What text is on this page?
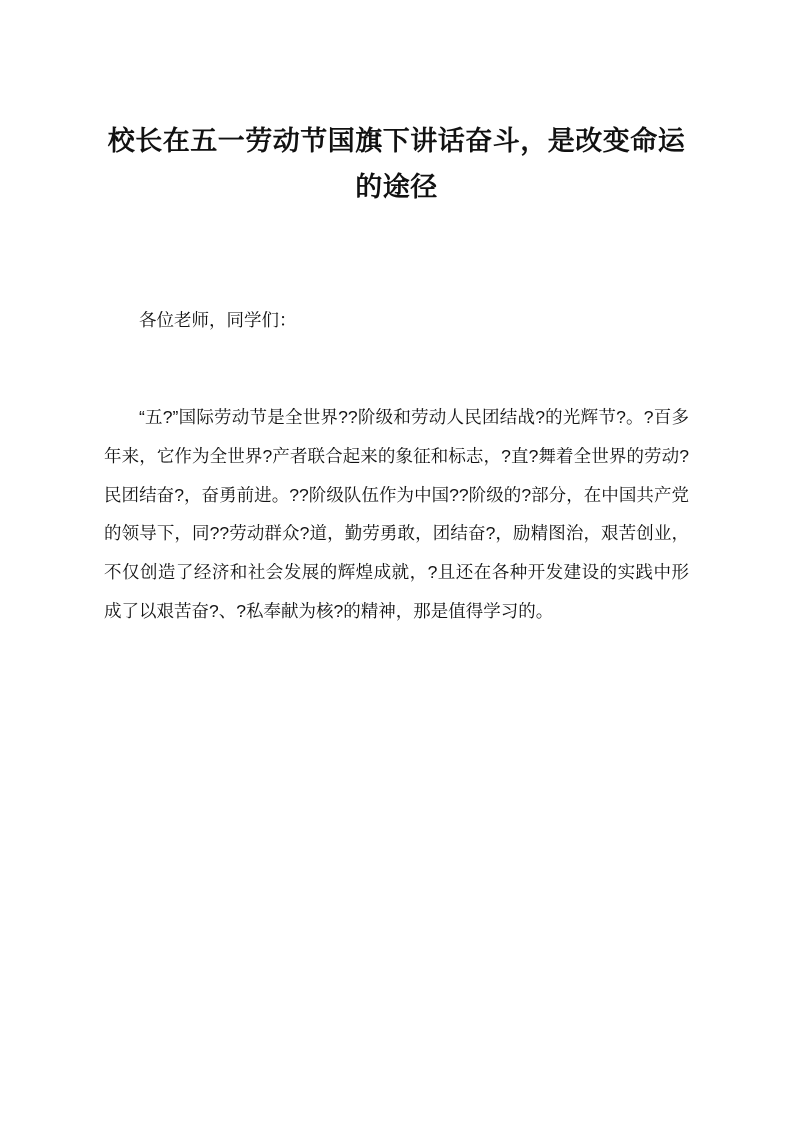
校长在五一劳动节国旗下讲话奋斗，是改变命运的途径

各位老师，同学们：

“五?”国际劳动节是全世界??阶级和劳动人民团结战?的光辉节?。?百多年来，它作为全世界?产者联合起来的象征和标志，?直?舞着全世界的劳动?民团结奋?，奋勇前进。??阶级队伍作为中国??阶级的?部分，在中国共产党的领导下，同??劳动群众?道，勤劳勇敢，团结奋?，励精图治，艰苦创业，不仅创造了经济和社会发展的辉煌成就，?且还在各种开发建设的实践中形成了以艰苦奋?、?私奉献为核?的精神，那是值得学习的。
